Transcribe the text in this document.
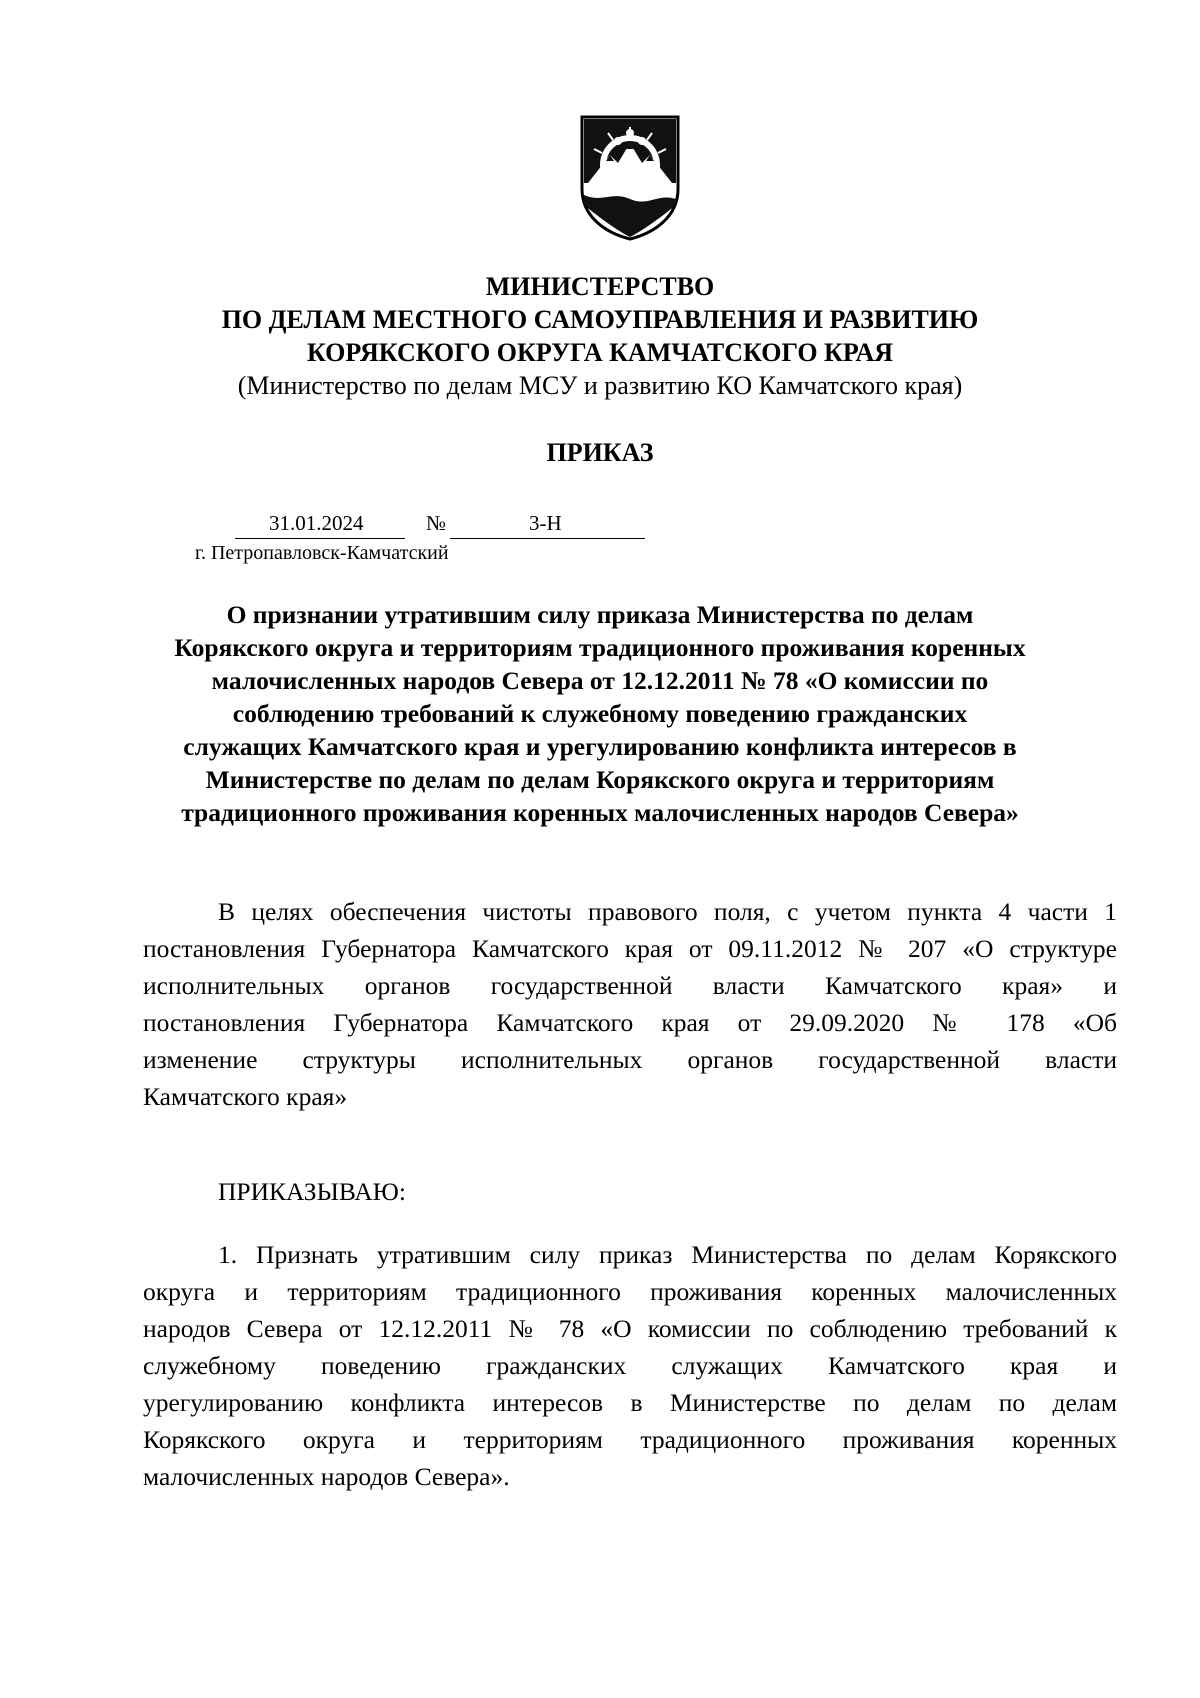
МИНИСТЕРСТВО
ПО ДЕЛАМ МЕСТНОГО САМОУПРАВЛЕНИЯ И РАЗВИТИЮ
КОРЯКСКОГО ОКРУГА КАМЧАТСКОГО КРАЯ
(Министерство по делам МСУ и развитию КО Камчатского края)
ПРИКАЗ
31.01.2024	№	3-Н
г. Петропавловск-Камчатский
О признании утратившим силу приказа Министерства по делам
Корякского округа и территориям традиционного проживания коренных
малочисленных народов Севера от 12.12.2011 № 78 «О комиссии по
соблюдению требований к служебному поведению гражданских
служащих Камчатского края и урегулированию конфликта интересов в
Министерстве по делам по делам Корякского округа и территориям
традиционного проживания коренных малочисленных народов Севера»
В целях обеспечения чистоты правового поля, с учетом пункта 4 части 1
постановления Губернатора Камчатского края от 09.11.2012 № 207 «О структуре
исполнительных органов государственной власти Камчатского края» и
постановления Губернатора Камчатского края от 29.09.2020 № 178 «Об
изменение структуры исполнительных органов государственной власти
Камчатского края»
ПРИКАЗЫВАЮ:
1. Признать утратившим силу приказ Министерства по делам Корякского
округа и территориям традиционного проживания коренных малочисленных
народов Севера от 12.12.2011 № 78 «О комиссии по соблюдению требований к
служебному поведению гражданских служащих Камчатского края и
урегулированию конфликта интересов в Министерстве по делам по делам
Корякского округа и территориям традиционного проживания коренных
малочисленных народов Севера».
